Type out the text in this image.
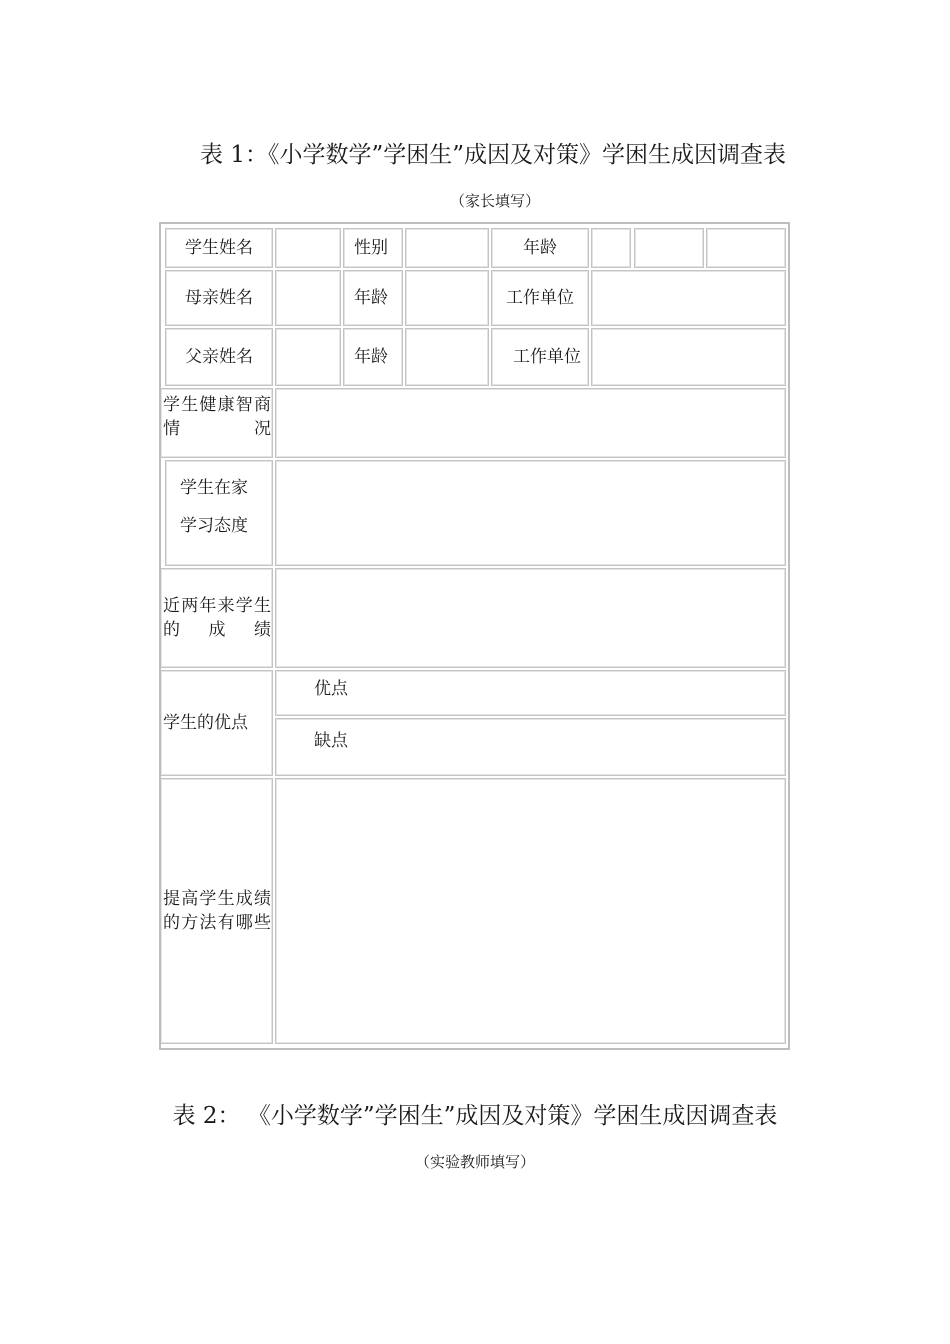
表 1：《小学数学”学困生”成因及对策》学困生成因调查表
（家长填写）
学生姓名	性别	年龄
母亲姓名	年龄	工作单位
父亲姓名	年龄	工作单位
学生健康智商情况
学生在家
学习态度
近两年来学生的成绩
学生的优点
优点
缺点
提高学生成绩的方法有哪些
表 2： 《小学数学”学困生”成因及对策》学困生成因调查表
（实验教师填写）
